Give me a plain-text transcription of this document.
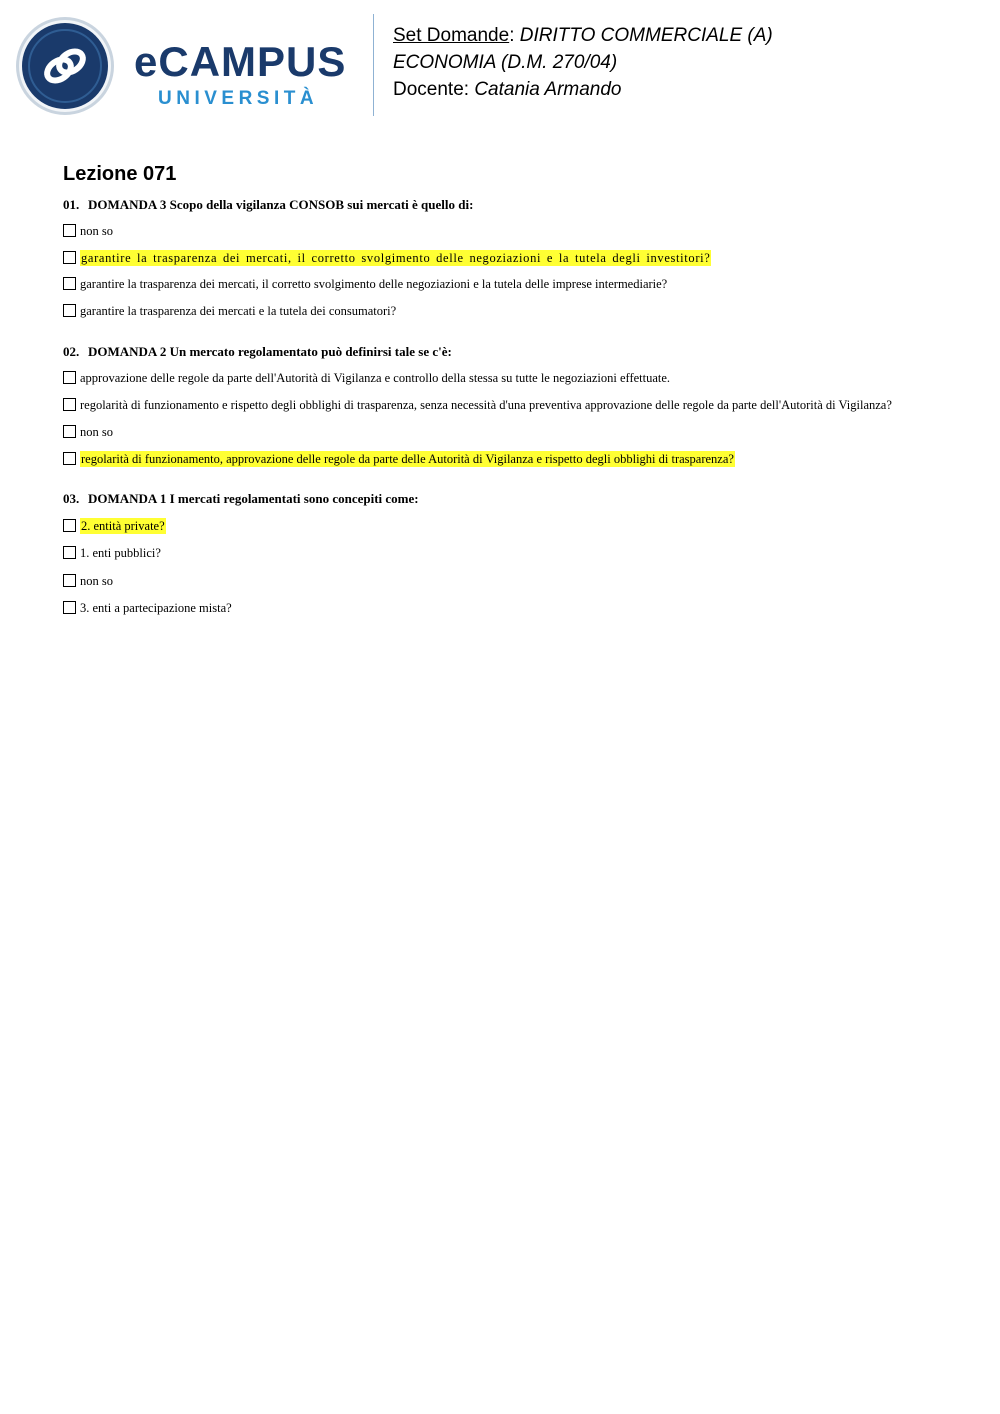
eCAMPUS
UNIVERSITÀ
Set Domande: DIRITTO COMMERCIALE (A)
ECONOMIA (D.M. 270/04)
Docente: Catania Armando
Lezione 071
01. DOMANDA 3 Scopo della vigilanza CONSOB sui mercati è quello di:
non so
garantire la trasparenza dei mercati, il corretto svolgimento delle negoziazioni e la tutela degli investitori?
garantire la trasparenza dei mercati, il corretto svolgimento delle negoziazioni e la tutela delle imprese intermediarie?
garantire la trasparenza dei mercati e la tutela dei consumatori?
02. DOMANDA 2 Un mercato regolamentato può definirsi tale se c'è:
approvazione delle regole da parte dell'Autorità di Vigilanza e controllo della stessa su tutte le negoziazioni effettuate.
regolarità di funzionamento e rispetto degli obblighi di trasparenza, senza necessità d'una preventiva approvazione delle regole da parte dell'Autorità di Vigilanza?
non so
regolarità di funzionamento, approvazione delle regole da parte delle Autorità di Vigilanza e rispetto degli obblighi di trasparenza?
03. DOMANDA 1 I mercati regolamentati sono concepiti come:
2. entità private?
1. enti pubblici?
non so
3. enti a partecipazione mista?
